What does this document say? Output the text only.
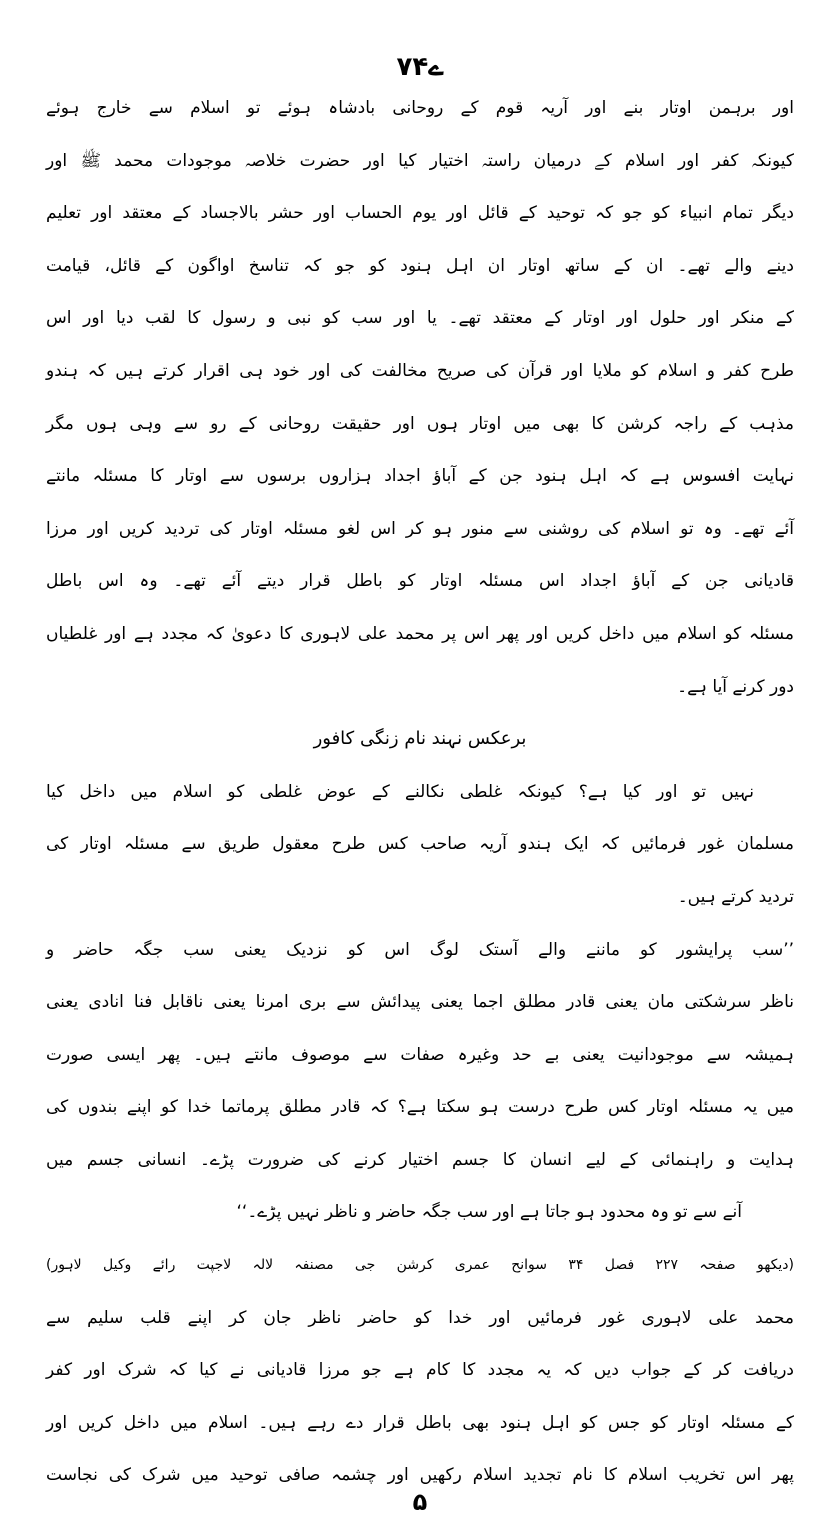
ے۷۴
اور برہمن اوتار بنے اور آریہ قوم کے روحانی بادشاہ ہوئے تو اسلام سے خارج ہوئے
کیونکہ کفر اور اسلام کے درمیان راستہ اختیار کیا اور حضرت خلاصہ موجودات محمد ﷺ اور
دیگر تمام انبیاء کو جو کہ توحید کے قائل اور یوم الحساب اور حشر بالاجساد کے معتقد اور تعلیم
دینے والے تھے۔ ان کے ساتھ اوتار ان اہل ہنود کو جو کہ تناسخ اواگون کے قائل، قیامت
کے منکر اور حلول اور اوتار کے معتقد تھے۔ یا اور سب کو نبی و رسول کا لقب دیا اور اس
طرح کفر و اسلام کو ملایا اور قرآن کی صریح مخالفت کی اور خود ہی اقرار کرتے ہیں کہ ہندو
مذہب کے راجہ کرشن کا بھی میں اوتار ہوں اور حقیقت روحانی کے رو سے وہی ہوں مگر
نہایت افسوس ہے کہ اہل ہنود جن کے آباؤ اجداد ہزاروں برسوں سے اوتار کا مسئلہ مانتے
آئے تھے۔ وہ تو اسلام کی روشنی سے منور ہو کر اس لغو مسئلہ اوتار کی تردید کریں اور مرزا
قادیانی جن کے آباؤ اجداد اس مسئلہ اوتار کو باطل قرار دیتے آئے تھے۔ وہ اس باطل
مسئلہ کو اسلام میں داخل کریں اور پھر اس پر محمد علی لاہوری کا دعویٰ کہ مجدد ہے اور غلطیاں
دور کرنے آیا ہے۔
برعکس نہند نام زنگی کافور
نہیں تو اور کیا ہے؟ کیونکہ غلطی نکالنے کے عوض غلطی کو اسلام میں داخل کیا
مسلمان غور فرمائیں کہ ایک ہندو آریہ صاحب کس طرح معقول طریق سے مسئلہ اوتار کی
تردید کرتے ہیں۔
’’سب پرایشور کو ماننے والے آستک لوگ اس کو نزدیک یعنی سب جگہ حاضر و
ناظر سرشکتی مان یعنی قادر مطلق اجما یعنی پیدائش سے بری امرنا یعنی ناقابل فنا انادی یعنی
ہمیشہ سے موجودانیت یعنی بے حد وغیرہ صفات سے موصوف مانتے ہیں۔ پھر ایسی صورت
میں یہ مسئلہ اوتار کس طرح درست ہو سکتا ہے؟ کہ قادر مطلق پرماتما خدا کو اپنے بندوں کی
ہدایت و راہنمائی کے لیے انسان کا جسم اختیار کرنے کی ضرورت پڑے۔ انسانی جسم میں
آنے سے تو وہ محدود ہو جاتا ہے اور سب جگہ حاضر و ناظر نہیں پڑے۔‘‘
(دیکھو صفحہ ۲۲۷ فصل ۳۴ سوانح عمری کرشن جی مصنفہ لالہ لاجپت رائے وکیل لاہور)
محمد علی لاہوری غور فرمائیں اور خدا کو حاضر ناظر جان کر اپنے قلب سلیم سے
دریافت کر کے جواب دیں کہ یہ مجدد کا کام ہے جو مرزا قادیانی نے کیا کہ شرک اور کفر
کے مسئلہ اوتار کو جس کو اہل ہنود بھی باطل قرار دے رہے ہیں۔ اسلام میں داخل کریں اور
پھر اس تخریب اسلام کا نام تجدید اسلام رکھیں اور چشمہ صافی توحید میں شرک کی نجاست
۵
